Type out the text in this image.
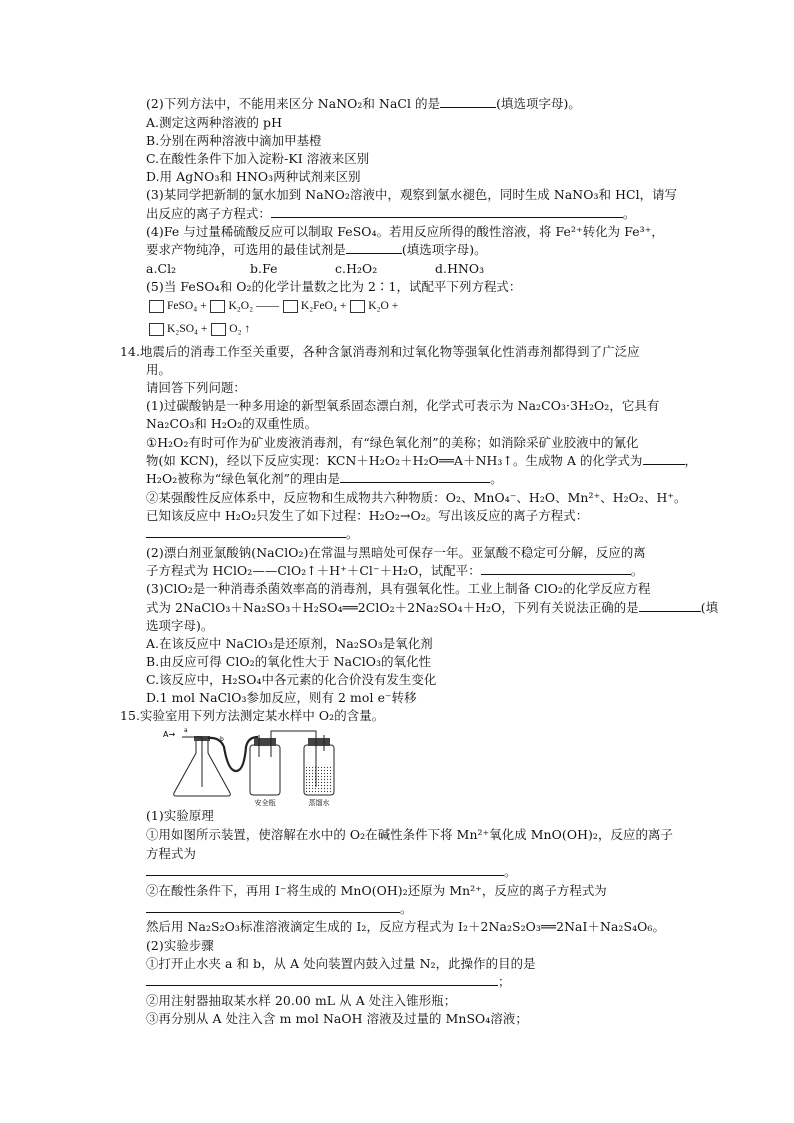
(2)下列方法中，不能用来区分 NaNO₂和 NaCl 的是	(填选项字母)。
A.测定这两种溶液的 pH
B.分别在两种溶液中滴加甲基橙
C.在酸性条件下加入淀粉-KI 溶液来区别
D.用 AgNO₃和 HNO₃两种试剂来区别
(3)某同学把新制的氯水加到 NaNO₂溶液中，观察到氯水褪色，同时生成 NaNO₃和 HCl，请写
出反应的离子方程式：	。
(4)Fe 与过量稀硫酸反应可以制取 FeSO₄。若用反应所得的酸性溶液，将 Fe²⁺转化为 Fe³⁺，
要求产物纯净，可选用的最佳试剂是	(填选项字母)。
a.Cl₂	b.Fe	c.H₂O₂	d.HNO₃
(5)当 FeSO₄和 O₂的化学计量数之比为 2∶1，试配平下列方程式：
FeSO₄ + K₂O₂ —— K₂FeO₄ + K₂O +
K₂SO₄ + O₂ ↑
14.地震后的消毒工作至关重要，各种含氯消毒剂和过氧化物等强氧化性消毒剂都得到了广泛应
用。
请回答下列问题：
(1)过碳酸钠是一种多用途的新型氧系固态漂白剂，化学式可表示为 Na₂CO₃·3H₂O₂，它具有
Na₂CO₃和 H₂O₂的双重性质。
①H₂O₂有时可作为矿业废液消毒剂，有“绿色氧化剂”的美称；如消除采矿业胶液中的氰化
物(如 KCN)，经以下反应实现：KCN＋H₂O₂＋H₂O══A＋NH₃↑。生成物 A 的化学式为	，
H₂O₂被称为“绿色氧化剂”的理由是	。
②某强酸性反应体系中，反应物和生成物共六种物质：O₂、MnO₄⁻、H₂O、Mn²⁺、H₂O₂、H⁺。
已知该反应中 H₂O₂只发生了如下过程：H₂O₂→O₂。写出该反应的离子方程式：
。
(2)漂白剂亚氯酸钠(NaClO₂)在常温与黑暗处可保存一年。亚氯酸不稳定可分解，反应的离
子方程式为 HClO₂——ClO₂↑＋H⁺＋Cl⁻＋H₂O，试配平：	。
(3)ClO₂是一种消毒杀菌效率高的消毒剂，具有强氧化性。工业上制备 ClO₂的化学反应方程
式为 2NaClO₃＋Na₂SO₃＋H₂SO₄══2ClO₂＋2Na₂SO₄＋H₂O，下列有关说法正确的是	(填
选项字母)。
A.在该反应中 NaClO₃是还原剂，Na₂SO₃是氧化剂
B.由反应可得 ClO₂的氧化性大于 NaClO₃的氧化性
C.该反应中，H₂SO₄中各元素的化合价没有发生变化
D.1 mol NaClO₃参加反应，则有 2 mol e⁻转移
15.实验室用下列方法测定某水样中 O₂的含量。
A→ a
b
安全瓶	蒸馏水
(1)实验原理
①用如图所示装置，使溶解在水中的 O₂在碱性条件下将 Mn²⁺氧化成 MnO(OH)₂，反应的离子
方程式为
。
②在酸性条件下，再用 I⁻将生成的 MnO(OH)₂还原为 Mn²⁺，反应的离子方程式为
。
然后用 Na₂S₂O₃标准溶液滴定生成的 I₂，反应方程式为 I₂＋2Na₂S₂O₃══2NaI＋Na₂S₄O₆。
(2)实验步骤
①打开止水夹 a 和 b，从 A 处向装置内鼓入过量 N₂，此操作的目的是
；
②用注射器抽取某水样 20.00 mL 从 A 处注入锥形瓶；
③再分别从 A 处注入含 m mol NaOH 溶液及过量的 MnSO₄溶液；
